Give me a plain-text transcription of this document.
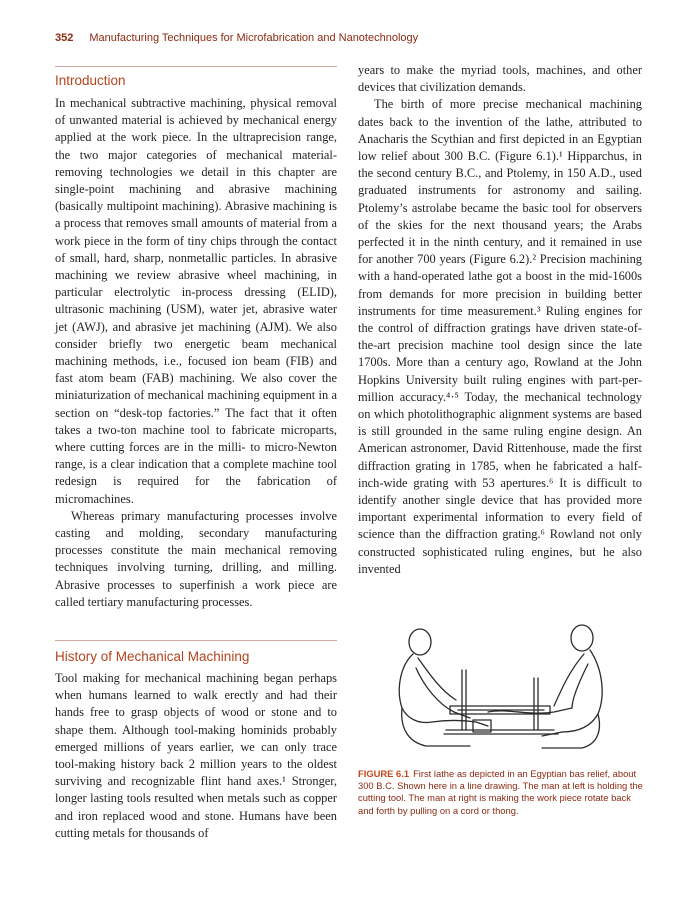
352 Manufacturing Techniques for Microfabrication and Nanotechnology
Introduction

In mechanical subtractive machining, physical removal of unwanted material is achieved by mechanical energy applied at the work piece. In the ultraprecision range, the two major categories of mechanical material-removing technologies we detail in this chapter are single-point machining and abrasive machining (basically multipoint machining). Abrasive machining is a process that removes small amounts of material from a work piece in the form of tiny chips through the contact of small, hard, sharp, nonmetallic particles. In abrasive machining we review abrasive wheel machining, in particular electrolytic in-process dressing (ELID), ultrasonic machining (USM), water jet, abrasive water jet (AWJ), and abrasive jet machining (AJM). We also consider briefly two energetic beam mechanical machining methods, i.e., focused ion beam (FIB) and fast atom beam (FAB) machining. We also cover the miniaturization of mechanical machining equipment in a section on “desk-top factories.” The fact that it often takes a two-ton machine tool to fabricate microparts, where cutting forces are in the milli- to micro-Newton range, is a clear indication that a complete machine tool redesign is required for the fabrication of micromachines.

Whereas primary manufacturing processes involve casting and molding, secondary manufacturing processes constitute the main mechanical removing techniques involving turning, drilling, and milling. Abrasive processes to superfinish a work piece are called tertiary manufacturing processes.

History of Mechanical Machining

Tool making for mechanical machining began perhaps when humans learned to walk erectly and had their hands free to grasp objects of wood or stone and to shape them. Although tool-making hominids probably emerged millions of years earlier, we can only trace tool-making history back 2 million years to the oldest surviving and recognizable flint hand axes.¹ Stronger, longer lasting tools resulted when metals such as copper and iron replaced wood and stone. Humans have been cutting metals for thousands of

years to make the myriad tools, machines, and other devices that civilization demands.

The birth of more precise mechanical machining dates back to the invention of the lathe, attributed to Anacharis the Scythian and first depicted in an Egyptian low relief about 300 B.C. (Figure 6.1).¹ Hipparchus, in the second century B.C., and Ptolemy, in 150 A.D., used graduated instruments for astronomy and sailing. Ptolemy’s astrolabe became the basic tool for observers of the skies for the next thousand years; the Arabs perfected it in the ninth century, and it remained in use for another 700 years (Figure 6.2).² Precision machining with a hand-operated lathe got a boost in the mid-1600s from demands for more precision in building better instruments for time measurement.³ Ruling engines for the control of diffraction gratings have driven state-of-the-art precision machine tool design since the late 1700s. More than a century ago, Rowland at the John Hopkins University built ruling engines with part-per-million accuracy.⁴·⁵ Today, the mechanical technology on which photolithographic alignment systems are based is still grounded in the same ruling engine design. An American astronomer, David Rittenhouse, made the first diffraction grating in 1785, when he fabricated a half-inch-wide grating with 53 apertures.⁶ It is difficult to identify another single device that has provided more important experimental information to every field of science than the diffraction grating.⁶ Rowland not only constructed sophisticated ruling engines, but he also invented

FIGURE 6.1 First lathe as depicted in an Egyptian bas relief, about 300 B.C. Shown here in a line drawing. The man at left is holding the cutting tool. The man at right is making the work piece rotate back and forth by pulling on a cord or thong.
